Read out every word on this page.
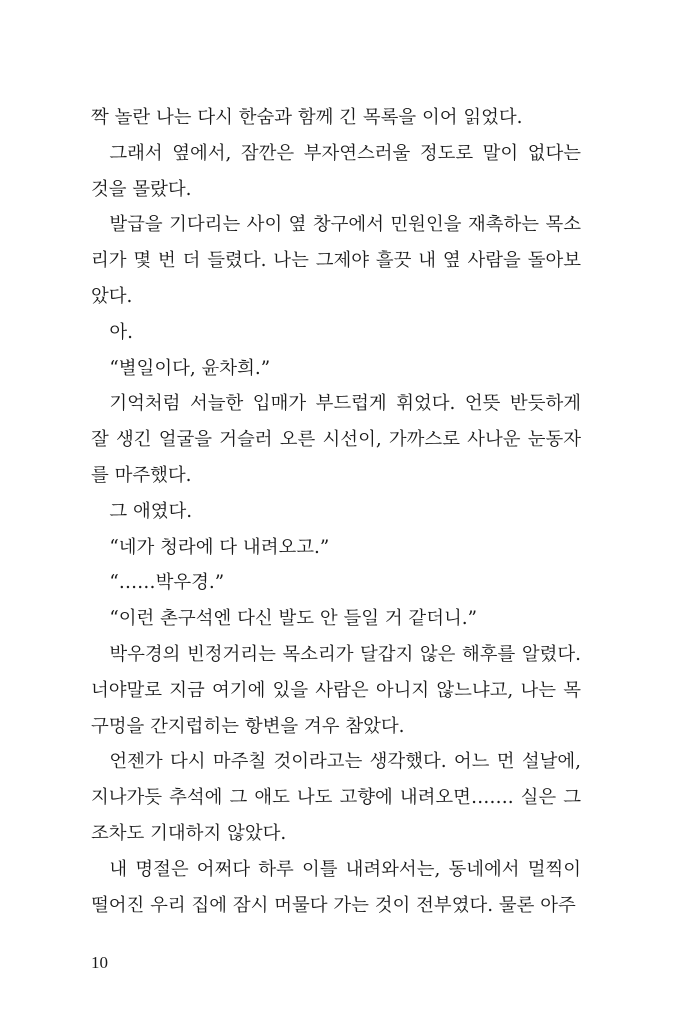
짝 놀란 나는 다시 한숨과 함께 긴 목록을 이어 읽었다.

그래서 옆에서, 잠깐은 부자연스러울 정도로 말이 없다는 것을 몰랐다.

발급을 기다리는 사이 옆 창구에서 민원인을 재촉하는 목소리가 몇 번 더 들렸다. 나는 그제야 흘끗 내 옆 사람을 돌아보았다.

아.

“별일이다, 윤차희.”

기억처럼 서늘한 입매가 부드럽게 휘었다. 언뜻 반듯하게 잘 생긴 얼굴을 거슬러 오른 시선이, 가까스로 사나운 눈동자를 마주했다.

그 애였다.

“네가 청라에 다 내려오고.”

“……박우경.”

“이런 촌구석엔 다신 발도 안 들일 거 같더니.”

박우경의 빈정거리는 목소리가 달갑지 않은 해후를 알렸다. 너야말로 지금 여기에 있을 사람은 아니지 않느냐고, 나는 목구멍을 간지럽히는 항변을 겨우 참았다.

언젠가 다시 마주칠 것이라고는 생각했다. 어느 먼 설날에, 지나가듯 추석에 그 애도 나도 고향에 내려오면……. 실은 그조차도 기대하지 않았다.

내 명절은 어쩌다 하루 이틀 내려와서는, 동네에서 멀찍이 떨어진 우리 집에 잠시 머물다 가는 것이 전부였다. 물론 아주

10
